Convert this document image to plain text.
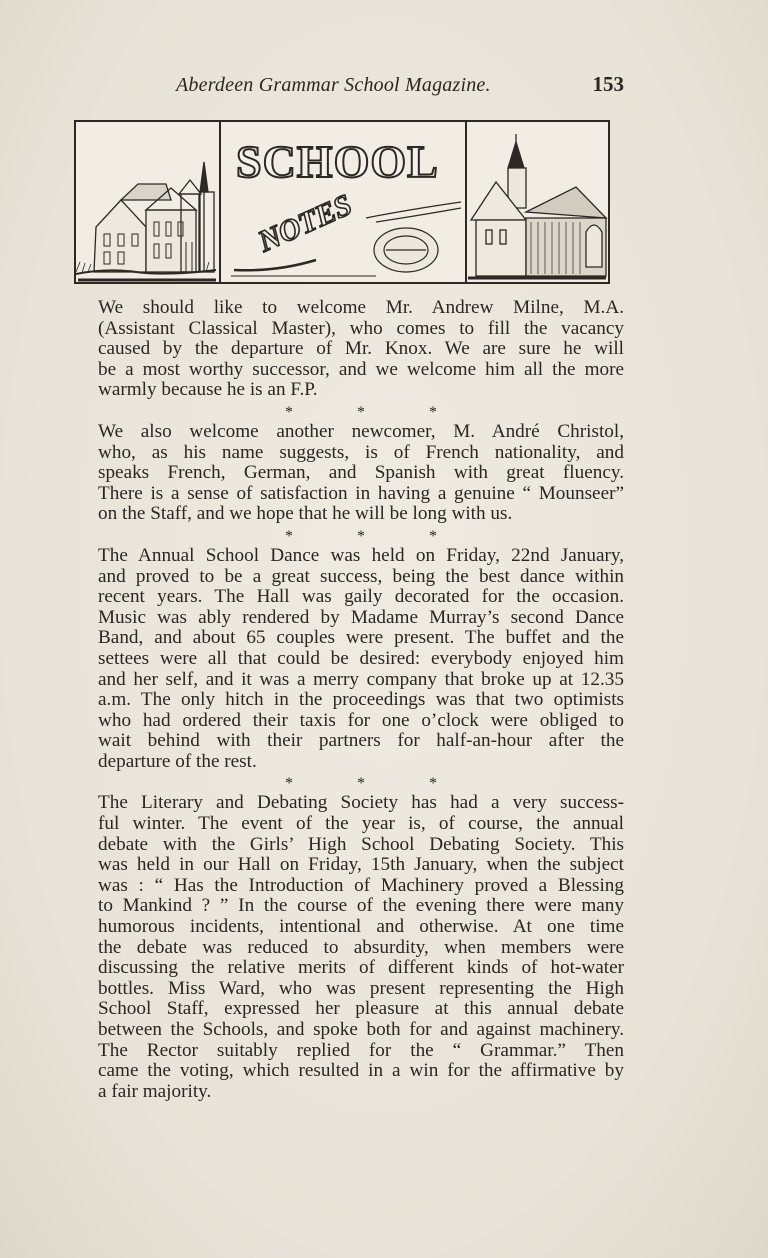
Aberdeen Grammar School Magazine.	153
SCHOOL
NOTES
We should like to welcome Mr. Andrew Milne, M.A.
(Assistant Classical Master), who comes to fill the vacancy
caused by the departure of Mr. Knox. We are sure he will
be a most worthy successor, and we welcome him all the more
warmly because he is an F.P.
* * *
We also welcome another newcomer, M. André Christol,
who, as his name suggests, is of French nationality, and
speaks French, German, and Spanish with great fluency.
There is a sense of satisfaction in having a genuine “ Mounseer”
on the Staff, and we hope that he will be long with us.
* * *
The Annual School Dance was held on Friday, 22nd January,
and proved to be a great success, being the best dance within
recent years. The Hall was gaily decorated for the occasion.
Music was ably rendered by Madame Murray’s second Dance
Band, and about 65 couples were present. The buffet and the
settees were all that could be desired: everybody enjoyed him
and her self, and it was a merry company that broke up at 12.35
a.m. The only hitch in the proceedings was that two optimists
who had ordered their taxis for one o’clock were obliged to
wait behind with their partners for half-an-hour after the
departure of the rest.
* * *
The Literary and Debating Society has had a very success-
ful winter. The event of the year is, of course, the annual
debate with the Girls’ High School Debating Society. This
was held in our Hall on Friday, 15th January, when the subject
was : “ Has the Introduction of Machinery proved a Blessing
to Mankind ? ” In the course of the evening there were many
humorous incidents, intentional and otherwise. At one time
the debate was reduced to absurdity, when members were
discussing the relative merits of different kinds of hot-water
bottles. Miss Ward, who was present representing the High
School Staff, expressed her pleasure at this annual debate
between the Schools, and spoke both for and against machinery.
The Rector suitably replied for the “ Grammar.” Then
came the voting, which resulted in a win for the affirmative by
a fair majority.
